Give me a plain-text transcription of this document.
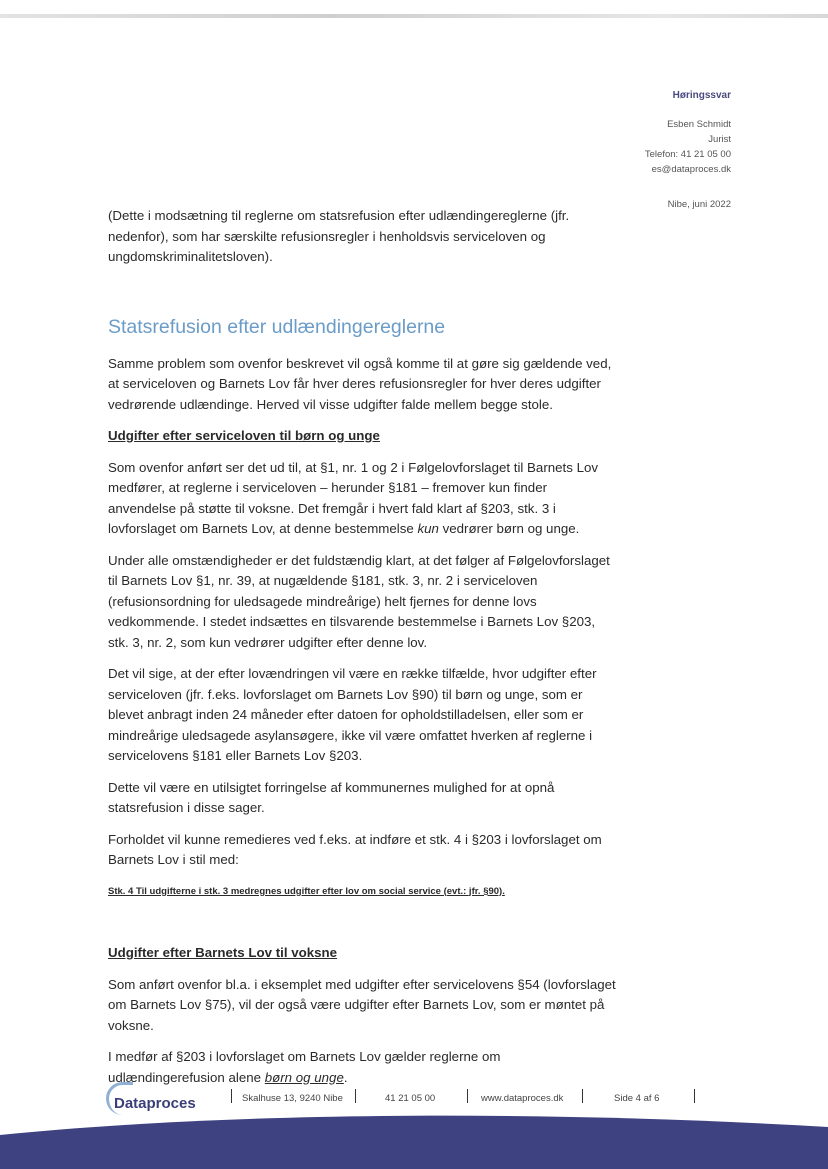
Høringssvar
Esben Schmidt
Jurist
Telefon: 41 21 05 00
es@dataproces.dk
Nibe, juni 2022

(Dette i modsætning til reglerne om statsrefusion efter udlændingereglerne (jfr. nedenfor), som har særskilte refusionsregler i henholdsvis serviceloven og ungdomskriminalitetsloven).

Statsrefusion efter udlændingereglerne

Samme problem som ovenfor beskrevet vil også komme til at gøre sig gældende ved, at serviceloven og Barnets Lov får hver deres refusionsregler for hver deres udgifter vedrørende udlændinge. Herved vil visse udgifter falde mellem begge stole.

Udgifter efter serviceloven til børn og unge

Som ovenfor anført ser det ud til, at §1, nr. 1 og 2 i Følgelovforslaget til Barnets Lov medfører, at reglerne i serviceloven – herunder §181 – fremover kun finder anvendelse på støtte til voksne. Det fremgår i hvert fald klart af §203, stk. 3 i lovforslaget om Barnets Lov, at denne bestemmelse kun vedrører børn og unge.

Under alle omstændigheder er det fuldstændig klart, at det følger af Følgelovforslaget til Barnets Lov §1, nr. 39, at nugældende §181, stk. 3, nr. 2 i serviceloven (refusionsordning for uledsagede mindreårige) helt fjernes for denne lovs vedkommende. I stedet indsættes en tilsvarende bestemmelse i Barnets Lov §203, stk. 3, nr. 2, som kun vedrører udgifter efter denne lov.

Det vil sige, at der efter lovændringen vil være en række tilfælde, hvor udgifter efter serviceloven (jfr. f.eks. lovforslaget om Barnets Lov §90) til børn og unge, som er blevet anbragt inden 24 måneder efter datoen for opholdstilladelsen, eller som er mindreårige uledsagede asylansøgere, ikke vil være omfattet hverken af reglerne i servicelovens §181 eller Barnets Lov §203.

Dette vil være en utilsigtet forringelse af kommunernes mulighed for at opnå statsrefusion i disse sager.

Forholdet vil kunne remedieres ved f.eks. at indføre et stk. 4 i §203 i lovforslaget om Barnets Lov i stil med:

Stk. 4 Til udgifterne i stk. 3 medregnes udgifter efter lov om social service (evt.: jfr. §90).

Udgifter efter Barnets Lov til voksne

Som anført ovenfor bl.a. i eksemplet med udgifter efter servicelovens §54 (lovforslaget om Barnets Lov §75), vil der også være udgifter efter Barnets Lov, som er møntet på voksne.

I medfør af §203 i lovforslaget om Barnets Lov gælder reglerne om udlændingerefusion alene børn og unge.

Dataproces	Skalhuse 13, 9240 Nibe	41 21 05 00	www.dataproces.dk	Side 4 af 6
